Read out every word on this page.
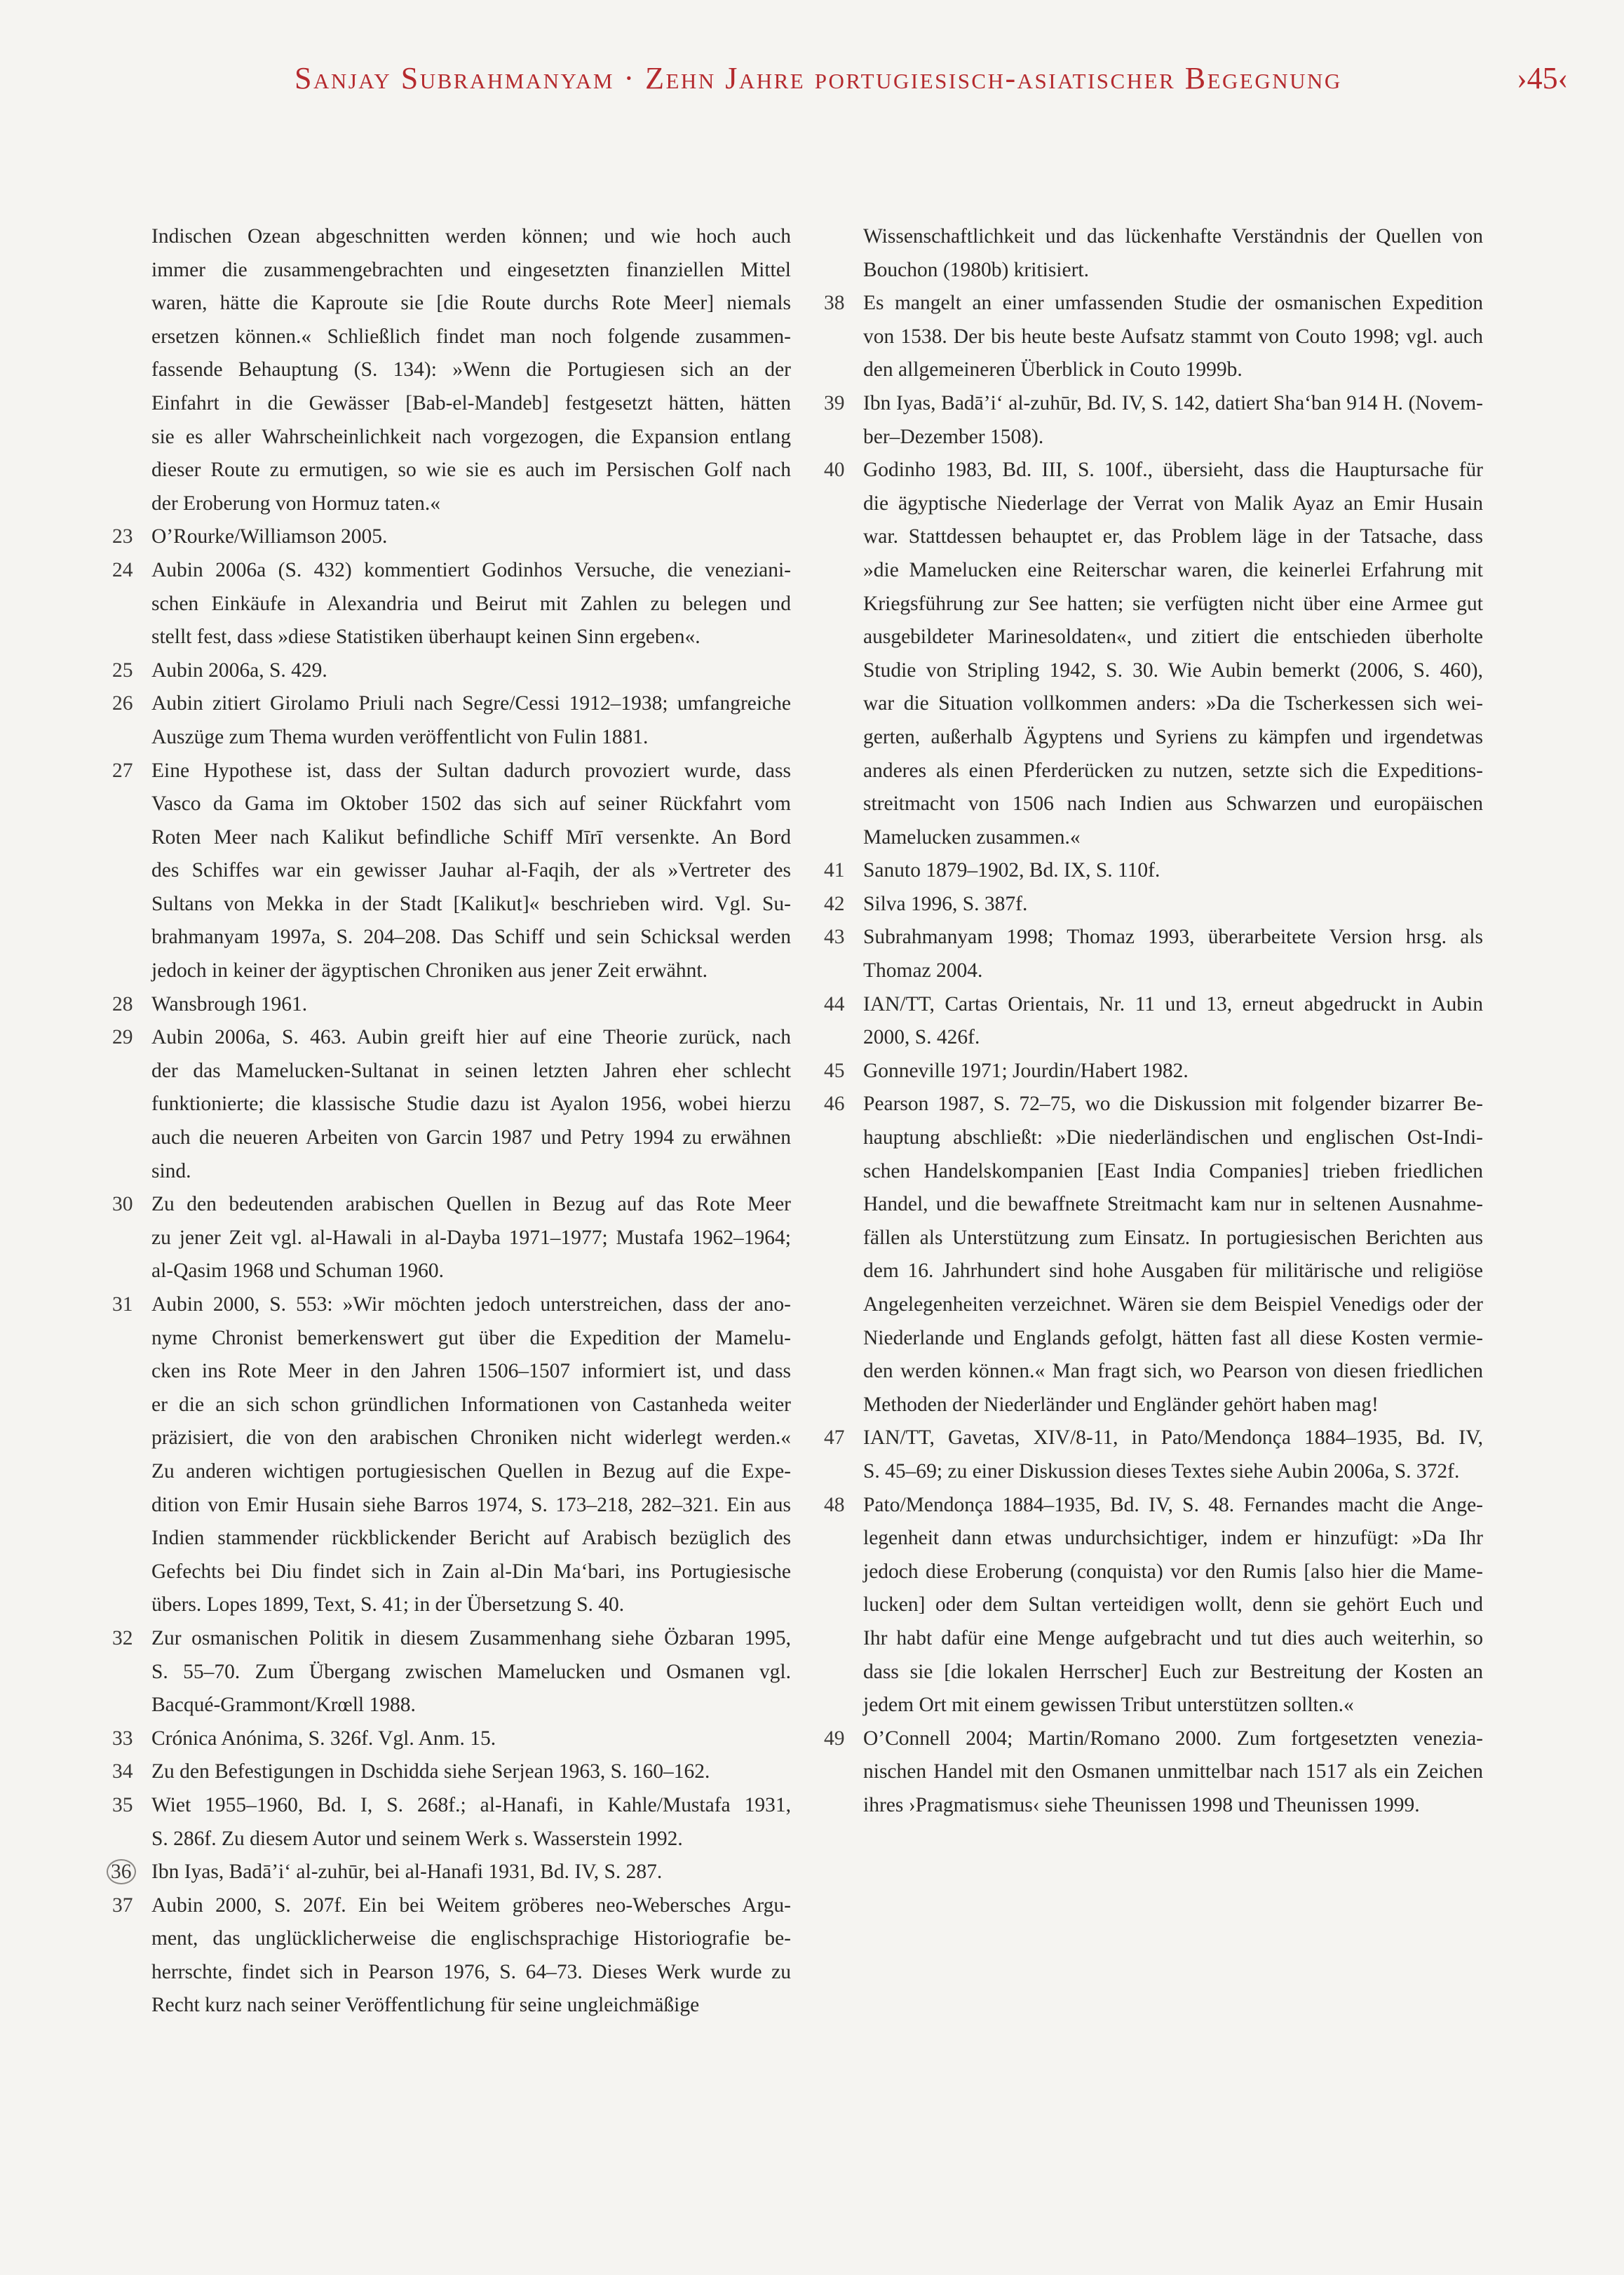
Sanjay Subrahmanyam · Zehn Jahre portugiesisch-asiatischer Begegnung	›45‹
Indischen Ozean abgeschnitten werden können; und wie hoch auch
immer die zusammengebrachten und eingesetzten finanziellen Mittel
waren, hätte die Kaproute sie [die Route durchs Rote Meer] niemals
ersetzen können.« Schließlich findet man noch folgende zusammen-
fassende Behauptung (S. 134): »Wenn die Portugiesen sich an der
Einfahrt in die Gewässer [Bab-el-Mandeb] festgesetzt hätten, hätten
sie es aller Wahrscheinlichkeit nach vorgezogen, die Expansion entlang
dieser Route zu ermutigen, so wie sie es auch im Persischen Golf nach
der Eroberung von Hormuz taten.«
23 O’Rourke/Williamson 2005.
24 Aubin 2006a (S. 432) kommentiert Godinhos Versuche, die veneziani-
schen Einkäufe in Alexandria und Beirut mit Zahlen zu belegen und
stellt fest, dass »diese Statistiken überhaupt keinen Sinn ergeben«.
25 Aubin 2006a, S. 429.
26 Aubin zitiert Girolamo Priuli nach Segre/Cessi 1912–1938; umfangreiche
Auszüge zum Thema wurden veröffentlicht von Fulin 1881.
27 Eine Hypothese ist, dass der Sultan dadurch provoziert wurde, dass
Vasco da Gama im Oktober 1502 das sich auf seiner Rückfahrt vom
Roten Meer nach Kalikut befindliche Schiff Mīrī versenkte. An Bord
des Schiffes war ein gewisser Jauhar al-Faqih, der als »Vertreter des
Sultans von Mekka in der Stadt [Kalikut]« beschrieben wird. Vgl. Su-
brahmanyam 1997a, S. 204–208. Das Schiff und sein Schicksal werden
jedoch in keiner der ägyptischen Chroniken aus jener Zeit erwähnt.
28 Wansbrough 1961.
29 Aubin 2006a, S. 463. Aubin greift hier auf eine Theorie zurück, nach
der das Mamelucken-Sultanat in seinen letzten Jahren eher schlecht
funktionierte; die klassische Studie dazu ist Ayalon 1956, wobei hierzu
auch die neueren Arbeiten von Garcin 1987 und Petry 1994 zu erwähnen
sind.
30 Zu den bedeutenden arabischen Quellen in Bezug auf das Rote Meer
zu jener Zeit vgl. al-Hawali in al-Dayba 1971–1977; Mustafa 1962–1964;
al-Qasim 1968 und Schuman 1960.
31 Aubin 2000, S. 553: »Wir möchten jedoch unterstreichen, dass der ano-
nyme Chronist bemerkenswert gut über die Expedition der Mamelu-
cken ins Rote Meer in den Jahren 1506–1507 informiert ist, und dass
er die an sich schon gründlichen Informationen von Castanheda weiter
präzisiert, die von den arabischen Chroniken nicht widerlegt werden.«
Zu anderen wichtigen portugiesischen Quellen in Bezug auf die Expe-
dition von Emir Husain siehe Barros 1974, S. 173–218, 282–321. Ein aus
Indien stammender rückblickender Bericht auf Arabisch bezüglich des
Gefechts bei Diu findet sich in Zain al-Din Ma‘bari, ins Portugiesische
übers. Lopes 1899, Text, S. 41; in der Übersetzung S. 40.
32 Zur osmanischen Politik in diesem Zusammenhang siehe Özbaran 1995,
S. 55–70. Zum Übergang zwischen Mamelucken und Osmanen vgl.
Bacqué-Grammont/Krœll 1988.
33 Crónica Anónima, S. 326f. Vgl. Anm. 15.
34 Zu den Befestigungen in Dschidda siehe Serjean 1963, S. 160–162.
35 Wiet 1955–1960, Bd. I, S. 268f.; al-Hanafi, in Kahle/Mustafa 1931,
S. 286f. Zu diesem Autor und seinem Werk s. Wasserstein 1992.
36 Ibn Iyas, Badā’i‘ al-zuhūr, bei al-Hanafi 1931, Bd. IV, S. 287.
37 Aubin 2000, S. 207f. Ein bei Weitem gröberes neo-Webersches Argu-
ment, das unglücklicherweise die englischsprachige Historiografie be-
herrschte, findet sich in Pearson 1976, S. 64–73. Dieses Werk wurde zu
Recht kurz nach seiner Veröffentlichung für seine ungleichmäßige
Wissenschaftlichkeit und das lückenhafte Verständnis der Quellen von
Bouchon (1980b) kritisiert.
38 Es mangelt an einer umfassenden Studie der osmanischen Expedition
von 1538. Der bis heute beste Aufsatz stammt von Couto 1998; vgl. auch
den allgemeineren Überblick in Couto 1999b.
39 Ibn Iyas, Badā’i‘ al-zuhūr, Bd. IV, S. 142, datiert Sha‘ban 914 H. (Novem-
ber–Dezember 1508).
40 Godinho 1983, Bd. III, S. 100f., übersieht, dass die Hauptursache für
die ägyptische Niederlage der Verrat von Malik Ayaz an Emir Husain
war. Stattdessen behauptet er, das Problem läge in der Tatsache, dass
»die Mamelucken eine Reiterschar waren, die keinerlei Erfahrung mit
Kriegsführung zur See hatten; sie verfügten nicht über eine Armee gut
ausgebildeter Marinesoldaten«, und zitiert die entschieden überholte
Studie von Stripling 1942, S. 30. Wie Aubin bemerkt (2006, S. 460),
war die Situation vollkommen anders: »Da die Tscherkessen sich wei-
gerten, außerhalb Ägyptens und Syriens zu kämpfen und irgendetwas
anderes als einen Pferderücken zu nutzen, setzte sich die Expeditions-
streitmacht von 1506 nach Indien aus Schwarzen und europäischen
Mamelucken zusammen.«
41 Sanuto 1879–1902, Bd. IX, S. 110f.
42 Silva 1996, S. 387f.
43 Subrahmanyam 1998; Thomaz 1993, überarbeitete Version hrsg. als
Thomaz 2004.
44 IAN/TT, Cartas Orientais, Nr. 11 und 13, erneut abgedruckt in Aubin
2000, S. 426f.
45 Gonneville 1971; Jourdin/Habert 1982.
46 Pearson 1987, S. 72–75, wo die Diskussion mit folgender bizarrer Be-
hauptung abschließt: »Die niederländischen und englischen Ost-Indi-
schen Handelskompanien [East India Companies] trieben friedlichen
Handel, und die bewaffnete Streitmacht kam nur in seltenen Ausnahme-
fällen als Unterstützung zum Einsatz. In portugiesischen Berichten aus
dem 16. Jahrhundert sind hohe Ausgaben für militärische und religiöse
Angelegenheiten verzeichnet. Wären sie dem Beispiel Venedigs oder der
Niederlande und Englands gefolgt, hätten fast all diese Kosten vermie-
den werden können.« Man fragt sich, wo Pearson von diesen friedlichen
Methoden der Niederländer und Engländer gehört haben mag!
47 IAN/TT, Gavetas, XIV/8-11, in Pato/Mendonça 1884–1935, Bd. IV,
S. 45–69; zu einer Diskussion dieses Textes siehe Aubin 2006a, S. 372f.
48 Pato/Mendonça 1884–1935, Bd. IV, S. 48. Fernandes macht die Ange-
legenheit dann etwas undurchsichtiger, indem er hinzufügt: »Da Ihr
jedoch diese Eroberung (conquista) vor den Rumis [also hier die Mame-
lucken] oder dem Sultan verteidigen wollt, denn sie gehört Euch und
Ihr habt dafür eine Menge aufgebracht und tut dies auch weiterhin, so
dass sie [die lokalen Herrscher] Euch zur Bestreitung der Kosten an
jedem Ort mit einem gewissen Tribut unterstützen sollten.«
49 O’Connell 2004; Martin/Romano 2000. Zum fortgesetzten venezia-
nischen Handel mit den Osmanen unmittelbar nach 1517 als ein Zeichen
ihres ›Pragmatismus‹ siehe Theunissen 1998 und Theunissen 1999.
